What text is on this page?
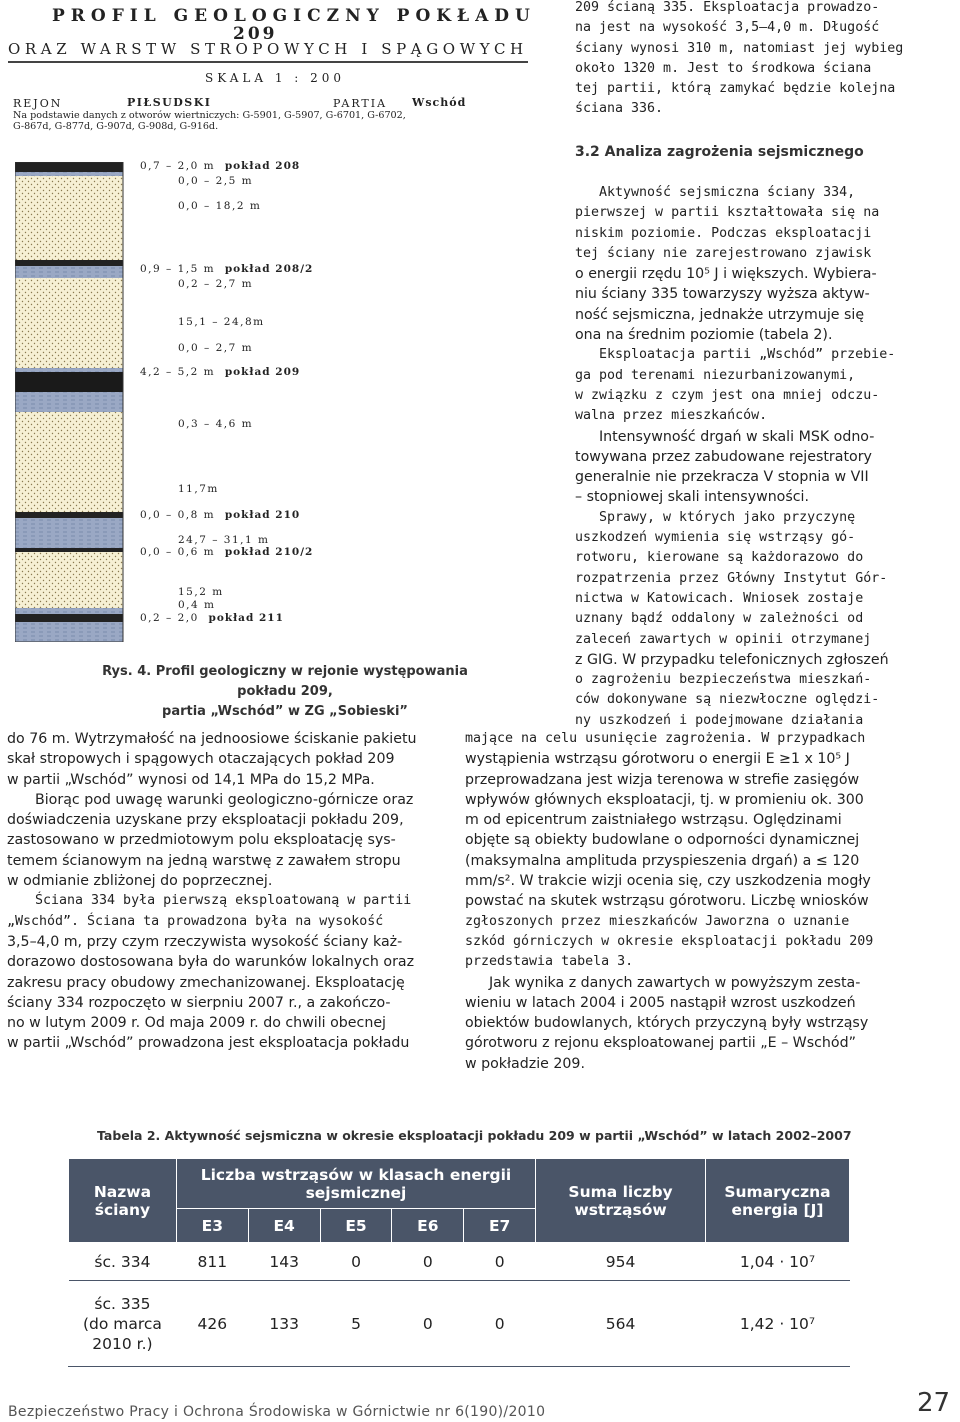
PROFIL GEOLOGICZNY POKŁADU
209
ORAZ WARSTW STROPOWYCH I SPĄGOWYCH
SKALA 1 : 200
REJON	PIŁSUDSKI	PARTIA Wschód
Na podstawie danych z otworów wiertniczych: G-5901, G-5907, G-6701, G-6702,
G-867d, G-877d, G-907d, G-908d, G-916d.
0,7 – 2,0 m pokład 208
0,0 – 2,5 m
0,0 – 18,2 m
0,9 – 1,5 m pokład 208/2
0,2 – 2,7 m
15,1 – 24,8m
0,0 – 2,7 m
4,2 – 5,2 m pokład 209
0,3 – 4,6 m
11,7m
0,0 – 0,8 m pokład 210
24,7 – 31,1 m
0,0 – 0,6 m pokład 210/2
15,2 m
0,4 m
0,2 – 2,0 pokład 211
Rys. 4. Profil geologiczny w rejonie występowania pokładu 209,
partia „Wschód” w ZG „Sobieski”
209 ścianą 335. Eksploatacja prowadzo-
na jest na wysokość 3,5–4,0 m. Długość
ściany wynosi 310 m, natomiast jej wybieg
około 1320 m. Jest to środkowa ściana
tej partii, którą zamykać będzie kolejna
ściana 336.
3.2 Analiza zagrożenia sejsmicznego
Aktywność sejsmiczna ściany 334,
pierwszej w partii kształtowała się na
niskim poziomie. Podczas eksploatacji
tej ściany nie zarejestrowano zjawisk
o energii rzędu 10⁵ J i większych. Wybiera-
niu ściany 335 towarzyszy wyższa aktyw-
ność sejsmiczna, jednakże utrzymuje się
ona na średnim poziomie (tabela 2).
Eksploatacja partii „Wschód” przebie-
ga pod terenami niezurbanizowanymi,
w związku z czym jest ona mniej odczu-
walna przez mieszkańców.
Intensywność drgań w skali MSK odno-
towywana przez zabudowane rejestratory
generalnie nie przekracza V stopnia w VII
– stopniowej skali intensywności.
Sprawy, w których jako przyczynę
uszkodzeń wymienia się wstrząsy gó-
rotworu, kierowane są każdorazowo do
rozpatrzenia przez Główny Instytut Gór-
nictwa w Katowicach. Wniosek zostaje
uznany bądź oddalony w zależności od
zaleceń zawartych w opinii otrzymanej
z GIG. W przypadku telefonicznych zgłoszeń
o zagrożeniu bezpieczeństwa mieszkań-
ców dokonywane są niezwłoczne oględzi-
ny uszkodzeń i podejmowane działania
mające na celu usunięcie zagrożenia. W przypadkach
wystąpienia wstrząsu górotworu o energii E ≥1 x 10⁵ J
przeprowadzana jest wizja terenowa w strefie zasięgów
wpływów głównych eksploatacji, tj. w promieniu ok. 300
m od epicentrum zaistniałego wstrząsu. Oględzinami
objęte są obiekty budowlane o odporności dynamicznej
(maksymalna amplituda przyspieszenia drgań) a ≤ 120
mm/s². W trakcie wizji ocenia się, czy uszkodzenia mogły
powstać na skutek wstrząsu górotworu. Liczbę wniosków
zgłoszonych przez mieszkańców Jaworzna o uznanie
szkód górniczych w okresie eksploatacji pokładu 209
przedstawia tabela 3.
Jak wynika z danych zawartych w powyższym zesta-
wieniu w latach 2004 i 2005 nastąpił wzrost uszkodzeń
obiektów budowlanych, których przyczyną były wstrząsy
górotworu z rejonu eksploatowanej partii „E – Wschód”
w pokładzie 209.
do 76 m. Wytrzymałość na jednoosiowe ściskanie pakietu
skał stropowych i spągowych otaczających pokład 209
w partii „Wschód” wynosi od 14,1 MPa do 15,2 MPa.
Biorąc pod uwagę warunki geologiczno-górnicze oraz
doświadczenia uzyskane przy eksploatacji pokładu 209,
zastosowano w przedmiotowym polu eksploatację sys-
temem ścianowym na jedną warstwę z zawałem stropu
w odmianie zbliżonej do poprzecznej.
Ściana 334 była pierwszą eksploatowaną w partii
„Wschód”. Ściana ta prowadzona była na wysokość
3,5–4,0 m, przy czym rzeczywista wysokość ściany każ-
dorazowo dostosowana była do warunków lokalnych oraz
zakresu pracy obudowy zmechanizowanej. Eksploatację
ściany 334 rozpoczęto w sierpniu 2007 r., a zakończo-
no w lutym 2009 r. Od maja 2009 r. do chwili obecnej
w partii „Wschód” prowadzona jest eksploatacja pokładu
Tabela 2. Aktywność sejsmiczna w okresie eksploatacji pokładu 209 w partii „Wschód” w latach 2002–2007
Nazwa ściany	Liczba wstrząsów w klasach energii sejsmicznej					Suma liczby wstrząsów	Sumaryczna energia [J]
	E3	E4	E5	E6	E7		
śc. 334	811	143	0	0	0	954	1,04 · 10⁷
śc. 335 (do marca 2010 r.)	426	133	5	0	0	564	1,42 · 10⁷
Bezpieczeństwo Pracy i Ochrona Środowiska w Górnictwie nr 6(190)/2010	27
